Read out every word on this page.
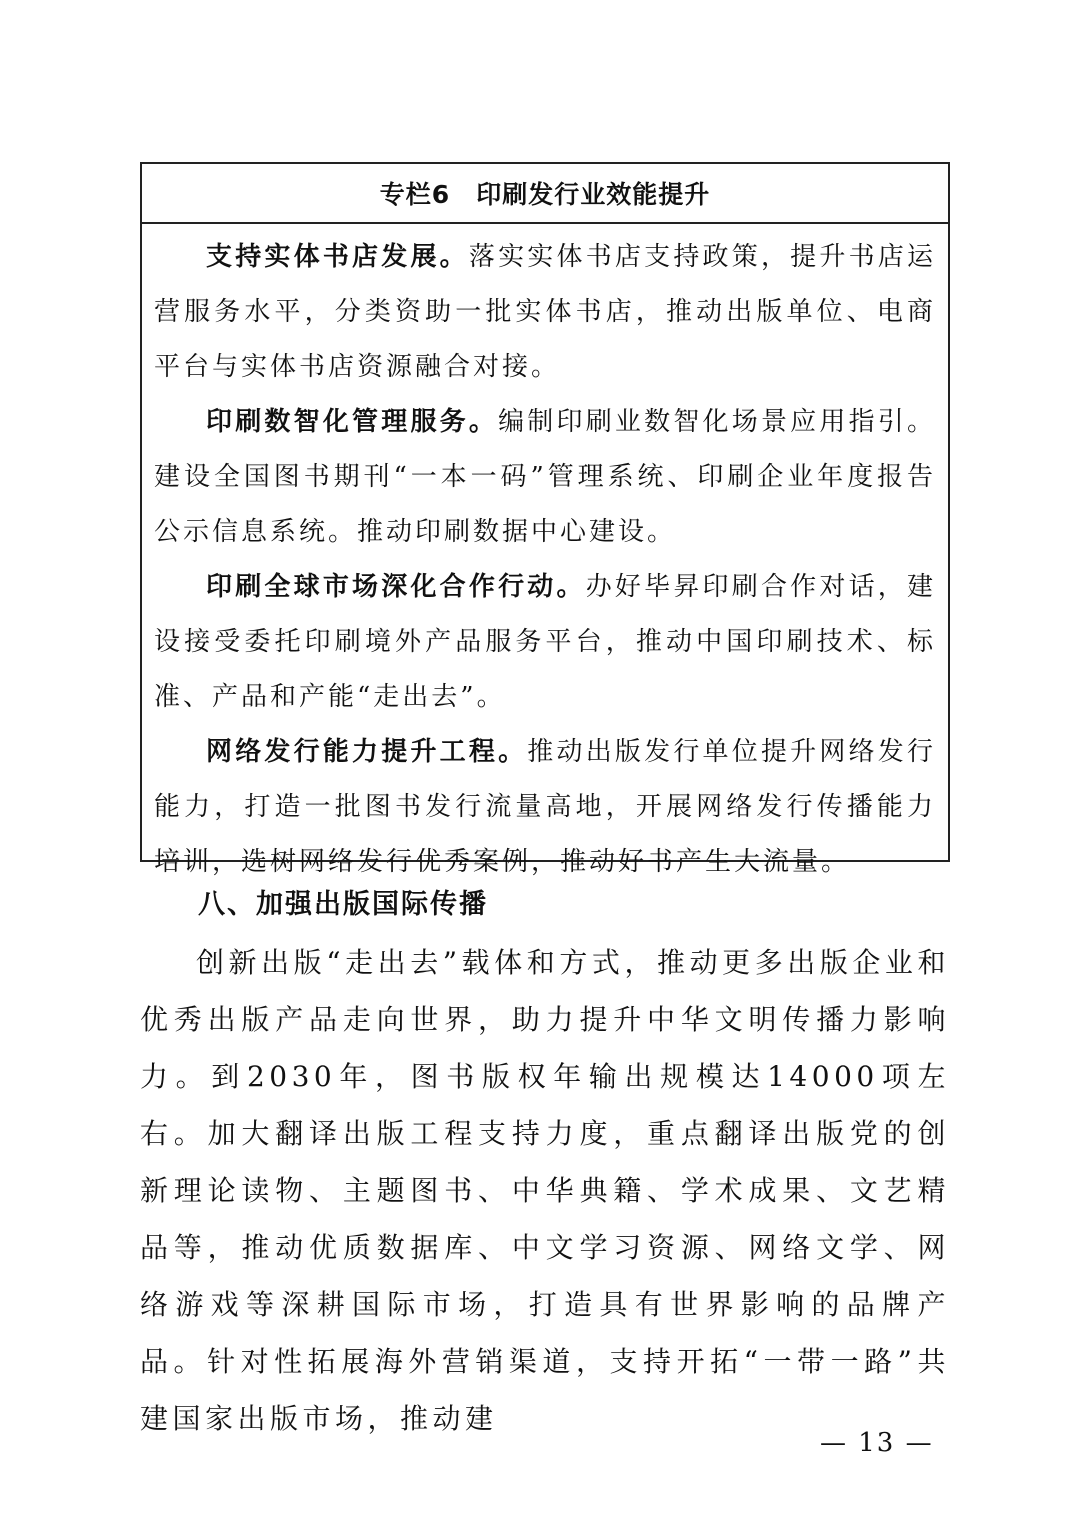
专栏6 印刷发行业效能提升

支持实体书店发展。落实实体书店支持政策，提升书店运营服务水平，分类资助一批实体书店，推动出版单位、电商平台与实体书店资源融合对接。

印刷数智化管理服务。编制印刷业数智化场景应用指引。建设全国图书期刊“一本一码”管理系统、印刷企业年度报告公示信息系统。推动印刷数据中心建设。

印刷全球市场深化合作行动。办好毕昇印刷合作对话，建设接受委托印刷境外产品服务平台，推动中国印刷技术、标准、产品和产能“走出去”。

网络发行能力提升工程。推动出版发行单位提升网络发行能力，打造一批图书发行流量高地，开展网络发行传播能力培训，选树网络发行优秀案例，推动好书产生大流量。

八、加强出版国际传播

创新出版“走出去”载体和方式，推动更多出版企业和优秀出版产品走向世界，助力提升中华文明传播力影响力。到2030年，图书版权年输出规模达14000项左右。加大翻译出版工程支持力度，重点翻译出版党的创新理论读物、主题图书、中华典籍、学术成果、文艺精品等，推动优质数据库、中文学习资源、网络文学、网络游戏等深耕国际市场，打造具有世界影响的品牌产品。针对性拓展海外营销渠道，支持开拓“一带一路”共建国家出版市场，推动建

— 13 —
